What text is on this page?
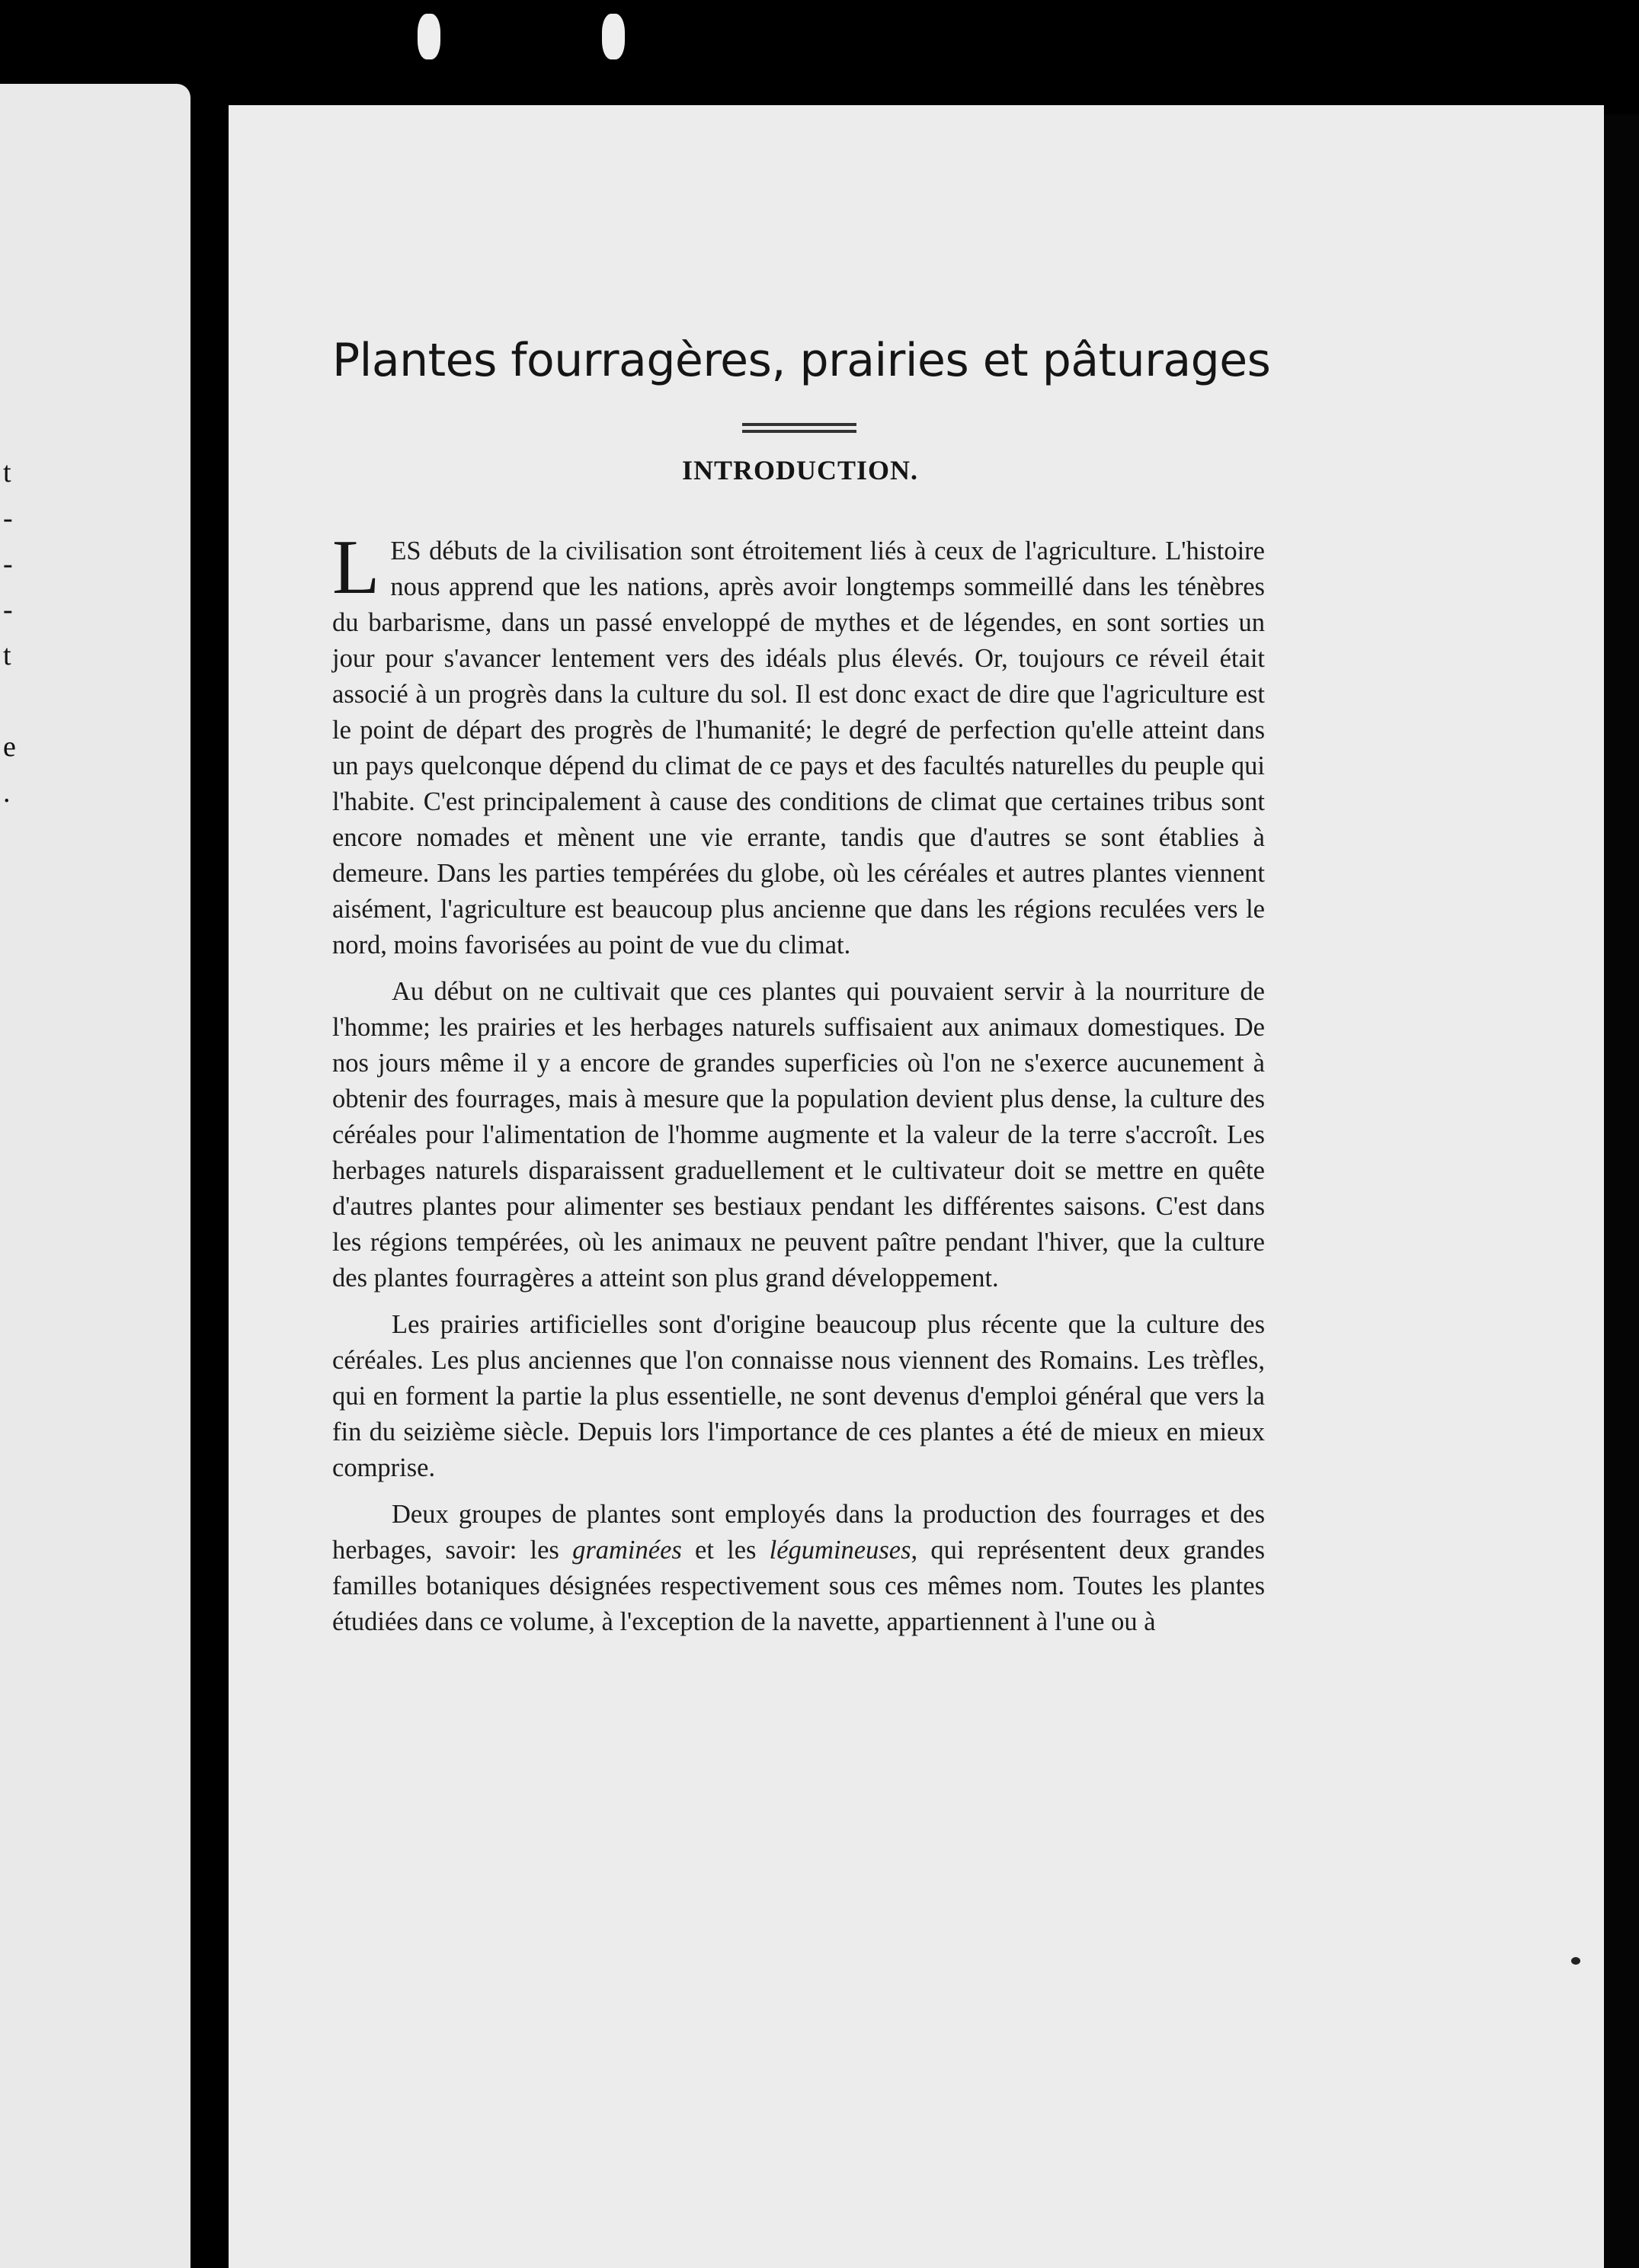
t
-
-
-
t

e
.
Plantes fourragères, prairies et pâturages
INTRODUCTION.

LES débuts de la civilisation sont étroitement liés à ceux de l'agriculture. L'histoire nous apprend que les nations, après avoir longtemps sommeillé dans les ténèbres du barbarisme, dans un passé enveloppé de mythes et de légendes, en sont sorties un jour pour s'avancer lentement vers des idéals plus élevés. Or, toujours ce réveil était associé à un progrès dans la culture du sol. Il est donc exact de dire que l'agriculture est le point de départ des progrès de l'humanité; le degré de perfection qu'elle atteint dans un pays quelconque dépend du climat de ce pays et des facultés naturelles du peuple qui l'habite. C'est principalement à cause des conditions de climat que certaines tribus sont encore nomades et mènent une vie errante, tandis que d'autres se sont établies à demeure. Dans les parties tempérées du globe, où les céréales et autres plantes viennent aisément, l'agriculture est beaucoup plus ancienne que dans les régions reculées vers le nord, moins favorisées au point de vue du climat.

Au début on ne cultivait que ces plantes qui pouvaient servir à la nourriture de l'homme; les prairies et les herbages naturels suffisaient aux animaux domestiques. De nos jours même il y a encore de grandes superficies où l'on ne s'exerce aucunement à obtenir des fourrages, mais à mesure que la population devient plus dense, la culture des céréales pour l'alimentation de l'homme augmente et la valeur de la terre s'accroît. Les herbages naturels disparaissent graduellement et le cultivateur doit se mettre en quête d'autres plantes pour alimenter ses bestiaux pendant les différentes saisons. C'est dans les régions tempérées, où les animaux ne peuvent paître pendant l'hiver, que la culture des plantes fourragères a atteint son plus grand développement.

Les prairies artificielles sont d'origine beaucoup plus récente que la culture des céréales. Les plus anciennes que l'on connaisse nous viennent des Romains. Les trèfles, qui en forment la partie la plus essentielle, ne sont devenus d'emploi général que vers la fin du seizième siècle. Depuis lors l'importance de ces plantes a été de mieux en mieux comprise.

Deux groupes de plantes sont employés dans la production des fourrages et des herbages, savoir: les graminées et les légumineuses, qui représentent deux grandes familles botaniques désignées respectivement sous ces mêmes nom. Toutes les plantes étudiées dans ce volume, à l'exception de la navette, appartiennent à l'une ou à
